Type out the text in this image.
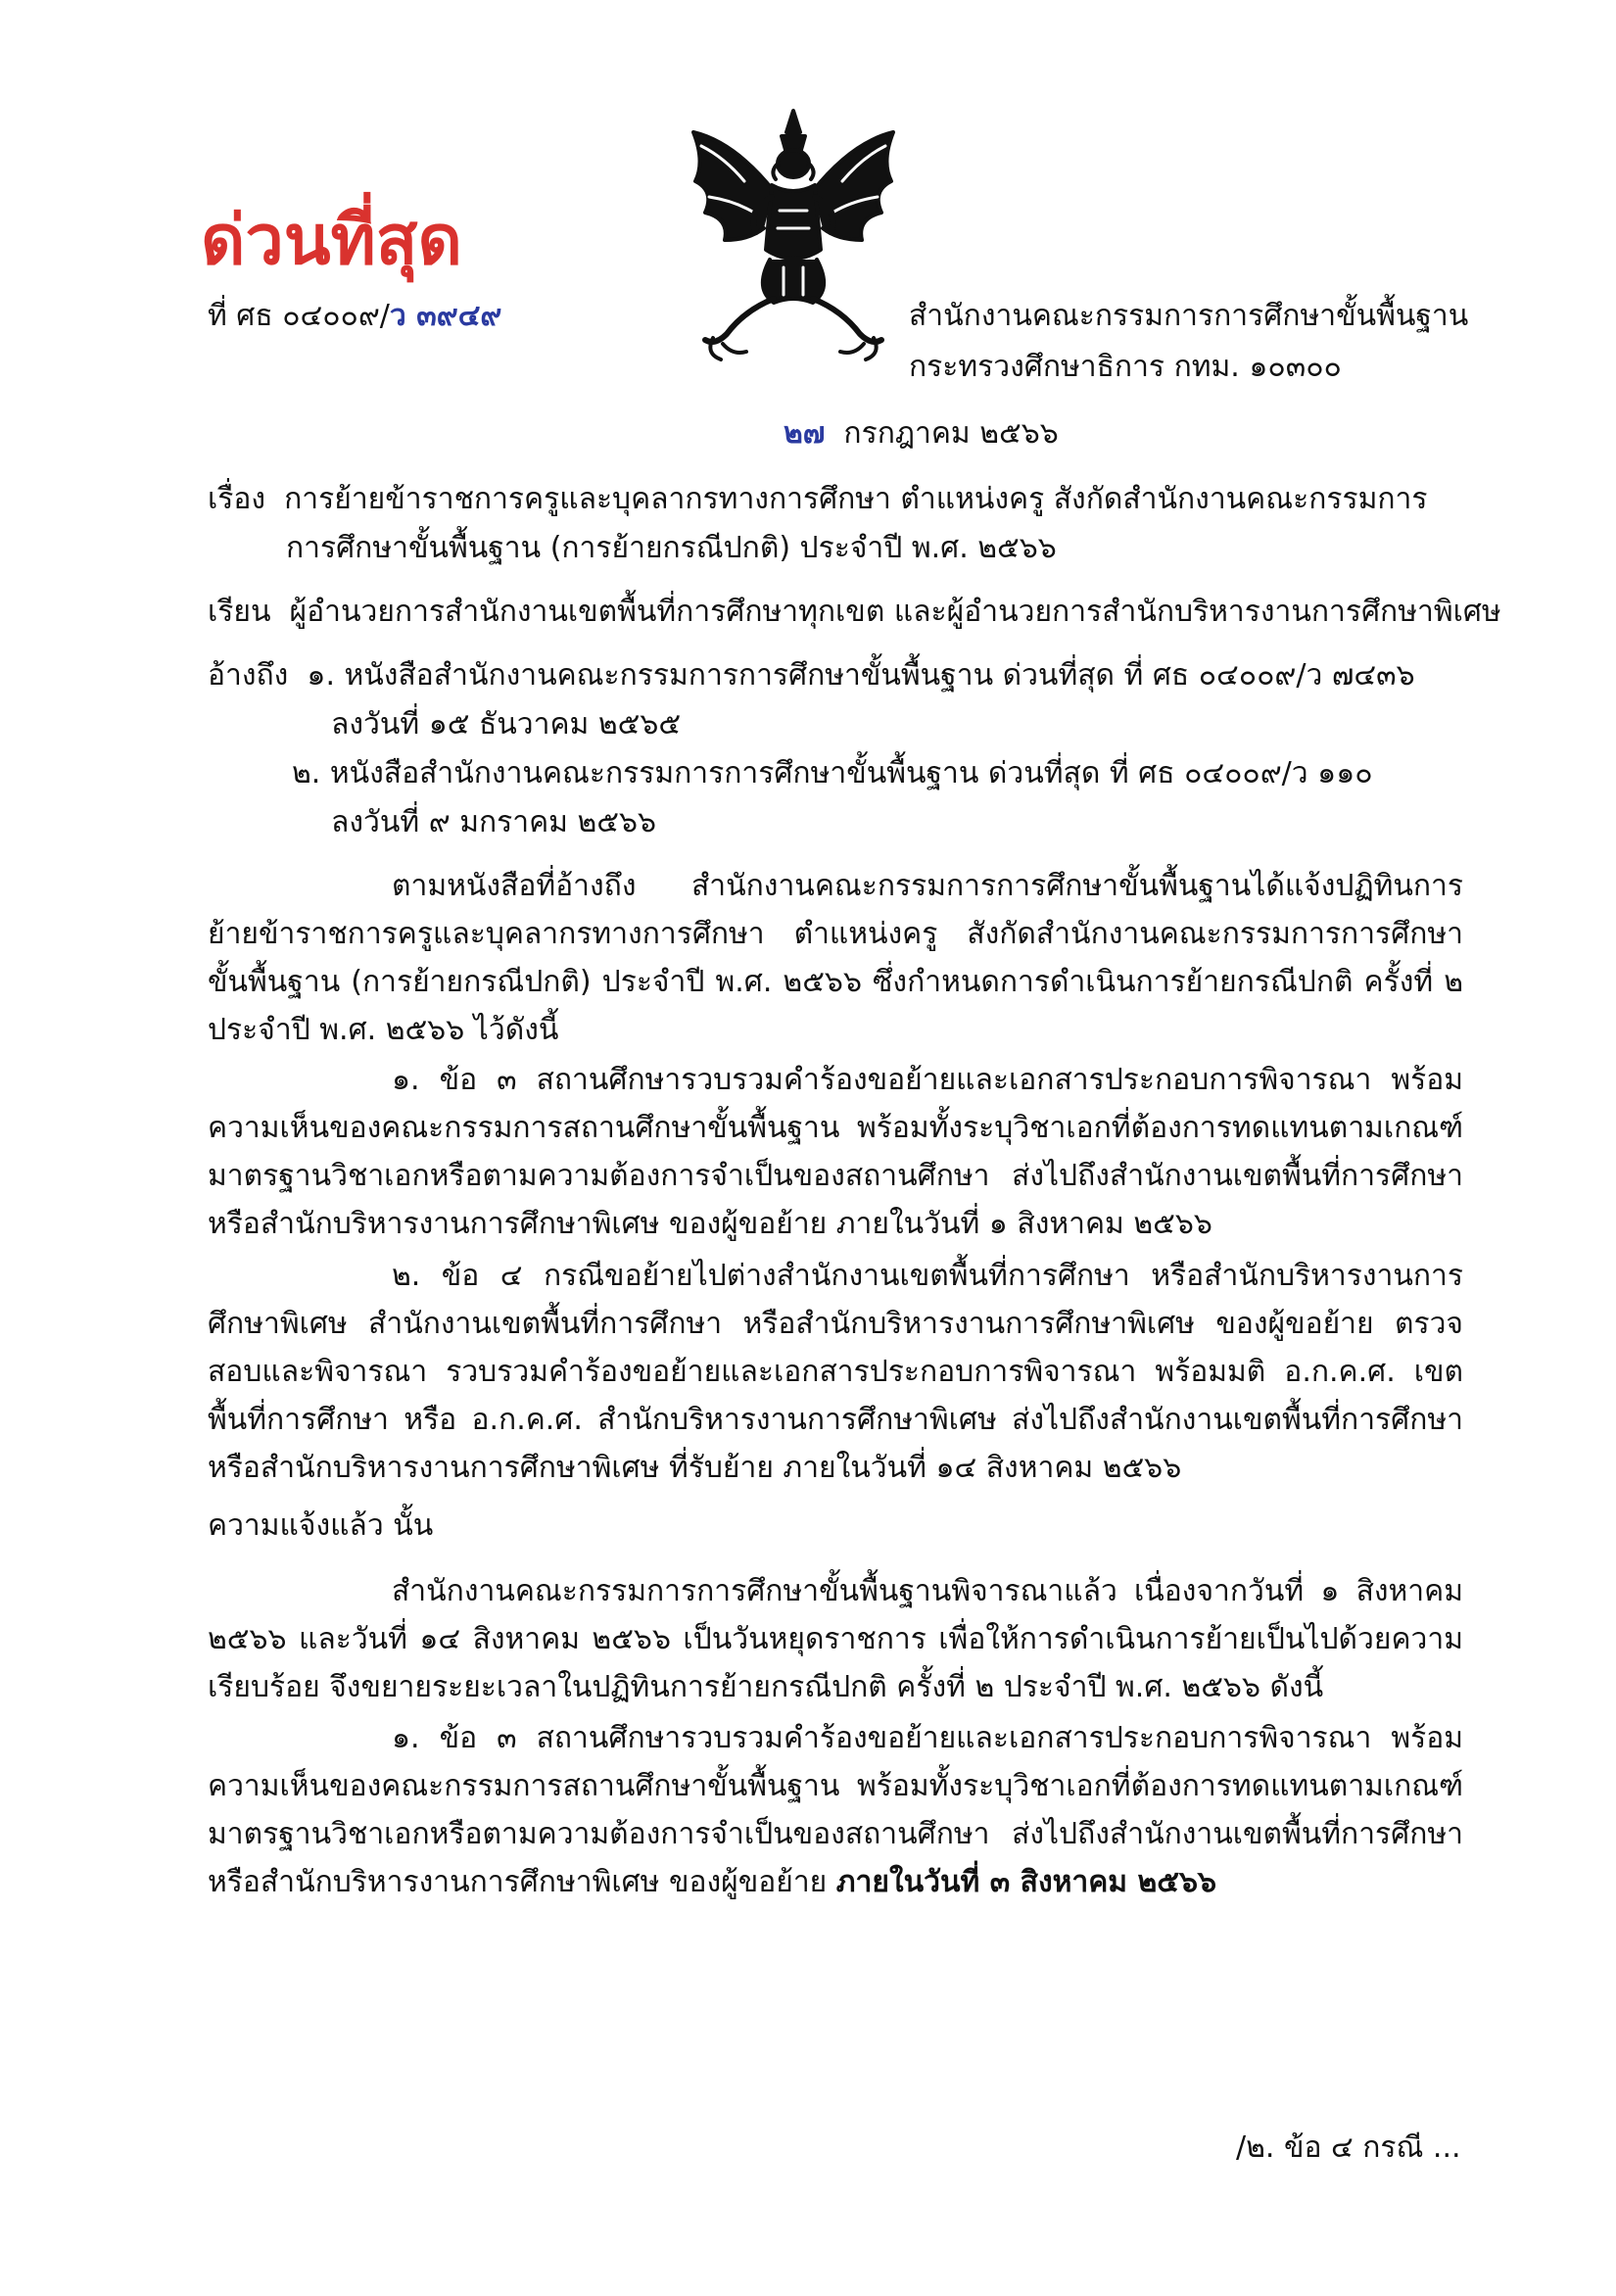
ด่วนที่สุด
ที่ ศธ ๐๔๐๐๙/ว ๓๙๔๙	สำนักงานคณะกรรมการการศึกษาขั้นพื้นฐาน
กระทรวงศึกษาธิการ กทม. ๑๐๓๐๐
๒๗ กรกฎาคม ๒๕๖๖
เรื่อง การย้ายข้าราชการครูและบุคลากรทางการศึกษา ตำแหน่งครู สังกัดสำนักงานคณะกรรมการ
การศึกษาขั้นพื้นฐาน (การย้ายกรณีปกติ) ประจำปี พ.ศ. ๒๕๖๖
เรียน ผู้อำนวยการสำนักงานเขตพื้นที่การศึกษาทุกเขต และผู้อำนวยการสำนักบริหารงานการศึกษาพิเศษ
อ้างถึง ๑. หนังสือสำนักงานคณะกรรมการการศึกษาขั้นพื้นฐาน ด่วนที่สุด ที่ ศธ ๐๔๐๐๙/ว ๗๔๓๖
ลงวันที่ ๑๕ ธันวาคม ๒๕๖๕
๒. หนังสือสำนักงานคณะกรรมการการศึกษาขั้นพื้นฐาน ด่วนที่สุด ที่ ศธ ๐๔๐๐๙/ว ๑๑๐
ลงวันที่ ๙ มกราคม ๒๕๖๖
ตามหนังสือที่อ้างถึง สำนักงานคณะกรรมการการศึกษาขั้นพื้นฐานได้แจ้งปฏิทินการย้ายข้าราชการครูและบุคลากรทางการศึกษา ตำแหน่งครู สังกัดสำนักงานคณะกรรมการการศึกษาขั้นพื้นฐาน (การย้ายกรณีปกติ) ประจำปี พ.ศ. ๒๕๖๖ ซึ่งกำหนดการดำเนินการย้ายกรณีปกติ ครั้งที่ ๒ ประจำปี พ.ศ. ๒๕๖๖ ไว้ดังนี้
๑. ข้อ ๓ สถานศึกษารวบรวมคำร้องขอย้ายและเอกสารประกอบการพิจารณา พร้อมความเห็นของคณะกรรมการสถานศึกษาขั้นพื้นฐาน พร้อมทั้งระบุวิชาเอกที่ต้องการทดแทนตามเกณฑ์มาตรฐานวิชาเอกหรือตามความต้องการจำเป็นของสถานศึกษา ส่งไปถึงสำนักงานเขตพื้นที่การศึกษาหรือสำนักบริหารงานการศึกษาพิเศษ ของผู้ขอย้าย ภายในวันที่ ๑ สิงหาคม ๒๕๖๖
๒. ข้อ ๔ กรณีขอย้ายไปต่างสำนักงานเขตพื้นที่การศึกษา หรือสำนักบริหารงานการศึกษาพิเศษ สำนักงานเขตพื้นที่การศึกษา หรือสำนักบริหารงานการศึกษาพิเศษ ของผู้ขอย้าย ตรวจสอบและพิจารณา รวบรวมคำร้องขอย้ายและเอกสารประกอบการพิจารณา พร้อมมติ อ.ก.ค.ศ. เขตพื้นที่การศึกษา หรือ อ.ก.ค.ศ. สำนักบริหารงานการศึกษาพิเศษ ส่งไปถึงสำนักงานเขตพื้นที่การศึกษา หรือสำนักบริหารงานการศึกษาพิเศษ ที่รับย้าย ภายในวันที่ ๑๔ สิงหาคม ๒๕๖๖
ความแจ้งแล้ว นั้น
สำนักงานคณะกรรมการการศึกษาขั้นพื้นฐานพิจารณาแล้ว เนื่องจากวันที่ ๑ สิงหาคม ๒๕๖๖ และวันที่ ๑๔ สิงหาคม ๒๕๖๖ เป็นวันหยุดราชการ เพื่อให้การดำเนินการย้ายเป็นไปด้วยความเรียบร้อย จึงขยายระยะเวลาในปฏิทินการย้ายกรณีปกติ ครั้งที่ ๒ ประจำปี พ.ศ. ๒๕๖๖ ดังนี้
๑. ข้อ ๓ สถานศึกษารวบรวมคำร้องขอย้ายและเอกสารประกอบการพิจารณา พร้อมความเห็นของคณะกรรมการสถานศึกษาขั้นพื้นฐาน พร้อมทั้งระบุวิชาเอกที่ต้องการทดแทนตามเกณฑ์มาตรฐานวิชาเอกหรือตามความต้องการจำเป็นของสถานศึกษา ส่งไปถึงสำนักงานเขตพื้นที่การศึกษาหรือสำนักบริหารงานการศึกษาพิเศษ ของผู้ขอย้าย ภายในวันที่ ๓ สิงหาคม ๒๕๖๖
/๒. ข้อ ๔ กรณี ...
